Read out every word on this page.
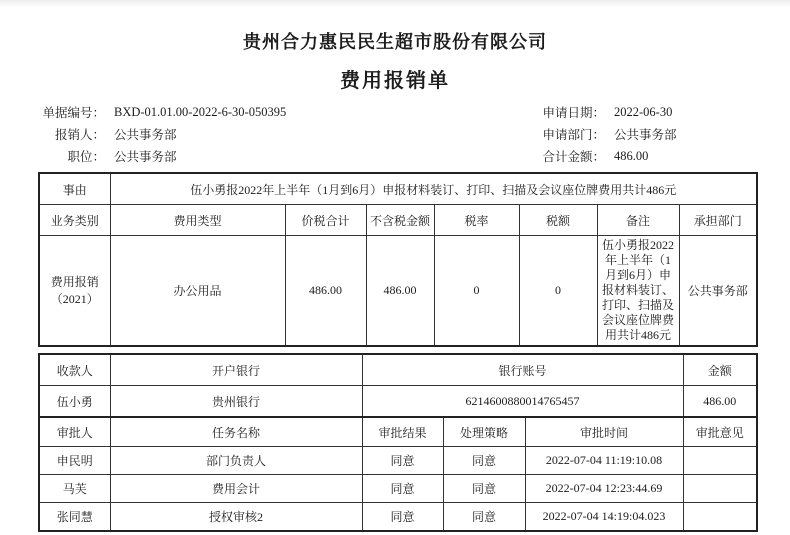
贵州合力惠民民生超市股份有限公司
费用报销单
单据编号： BXD-01.01.00-2022-6-30-050395	申请日期： 2022-06-30
报销人： 公共事务部	申请部门： 公共事务部
职位： 公共事务部	合计金额： 486.00
事由	伍小勇报2022年上半年（1月到6月）申报材料装订、打印、扫描及会议座位牌费用共计486元						
业务类别	费用类型	价税合计	不含税金额	税率	税额	备注	承担部门
费用报销（2021）	办公用品	486.00	486.00	0	0	伍小勇报2022年上半年（1月到6月）申报材料装订、打印、扫描及会议座位牌费用共计486元	公共事务部
收款人	开户银行	银行账号			金额
伍小勇	贵州银行	6214600880014765457			486.00
审批人	任务名称	审批结果	处理策略	审批时间	审批意见
申民明	部门负责人	同意	同意	2022-07-04 11:19:10.08	
马芙	费用会计	同意	同意	2022-07-04 12:23:44.69	
张同慧	授权审核2	同意	同意	2022-07-04 14:19:04.023	
